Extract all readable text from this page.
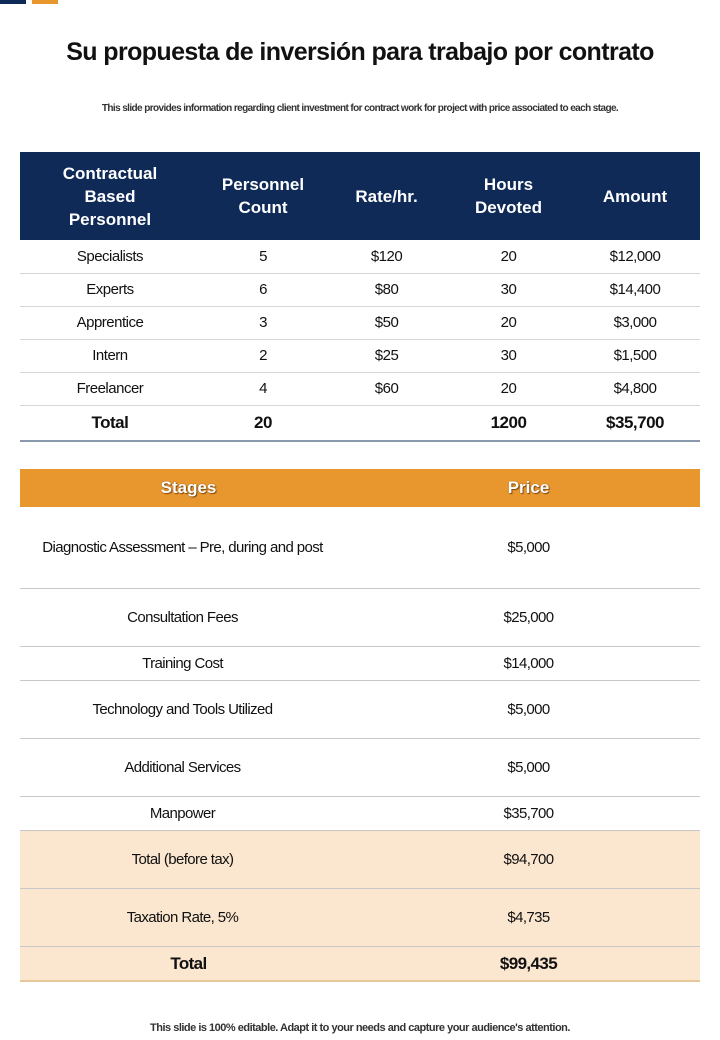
Su propuesta de inversión para trabajo por contrato
This slide provides information regarding client investment for contract work for project with price associated to each stage.
Contractual Based Personnel	Personnel Count	Rate/hr.	Hours Devoted	Amount
Specialists	5	$120	20	$12,000
Experts	6	$80	30	$14,400
Apprentice	3	$50	20	$3,000
Intern	2	$25	30	$1,500
Freelancer	4	$60	20	$4,800
Total	20		1200	$35,700
Stages	Price
Diagnostic Assessment – Pre, during and post	$5,000
Consultation Fees	$25,000
Training Cost	$14,000
Technology and Tools Utilized	$5,000
Additional Services	$5,000
Manpower	$35,700
Total (before tax)	$94,700
Taxation Rate, 5%	$4,735
Total	$99,435
This slide is 100% editable. Adapt it to your needs and capture your audience's attention.
